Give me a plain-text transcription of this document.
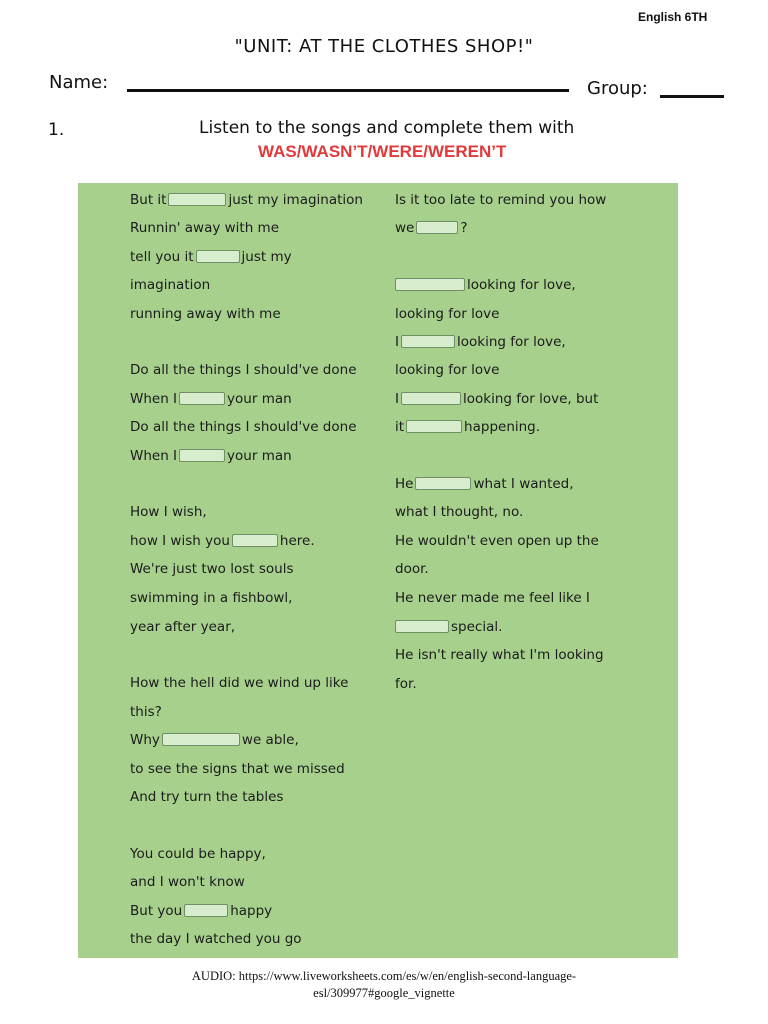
English 6TH
"UNIT: AT THE CLOTHES SHOP!"
Name:	Group:
1.	Listen to the songs and complete them with
WAS/WASN’T/WERE/WEREN’T
But it	just my imagination
Runnin' away with me
tell you it	just my
imagination
running away with me
Do all the things I should've done
When I	your man
Do all the things I should've done
When I	your man
How I wish,
how I wish you	here.
We're just two lost souls
swimming in a fishbowl,
year after year,
How the hell did we wind up like
this?
Why	we able,
to see the signs that we missed
And try turn the tables
You could be happy,
and I won't know
But you	happy
the day I watched you go
Is it too late to remind you how
we	?
looking for love,
looking for love
I	looking for love,
looking for love
I	looking for love, but
it	happening.
He	what I wanted,
what I thought, no.
He wouldn't even open up the
door.
He never made me feel like I
special.
He isn't really what I'm looking
for.
AUDIO: https://www.liveworksheets.com/es/w/en/english-second-language-
esl/309977#google_vignette
